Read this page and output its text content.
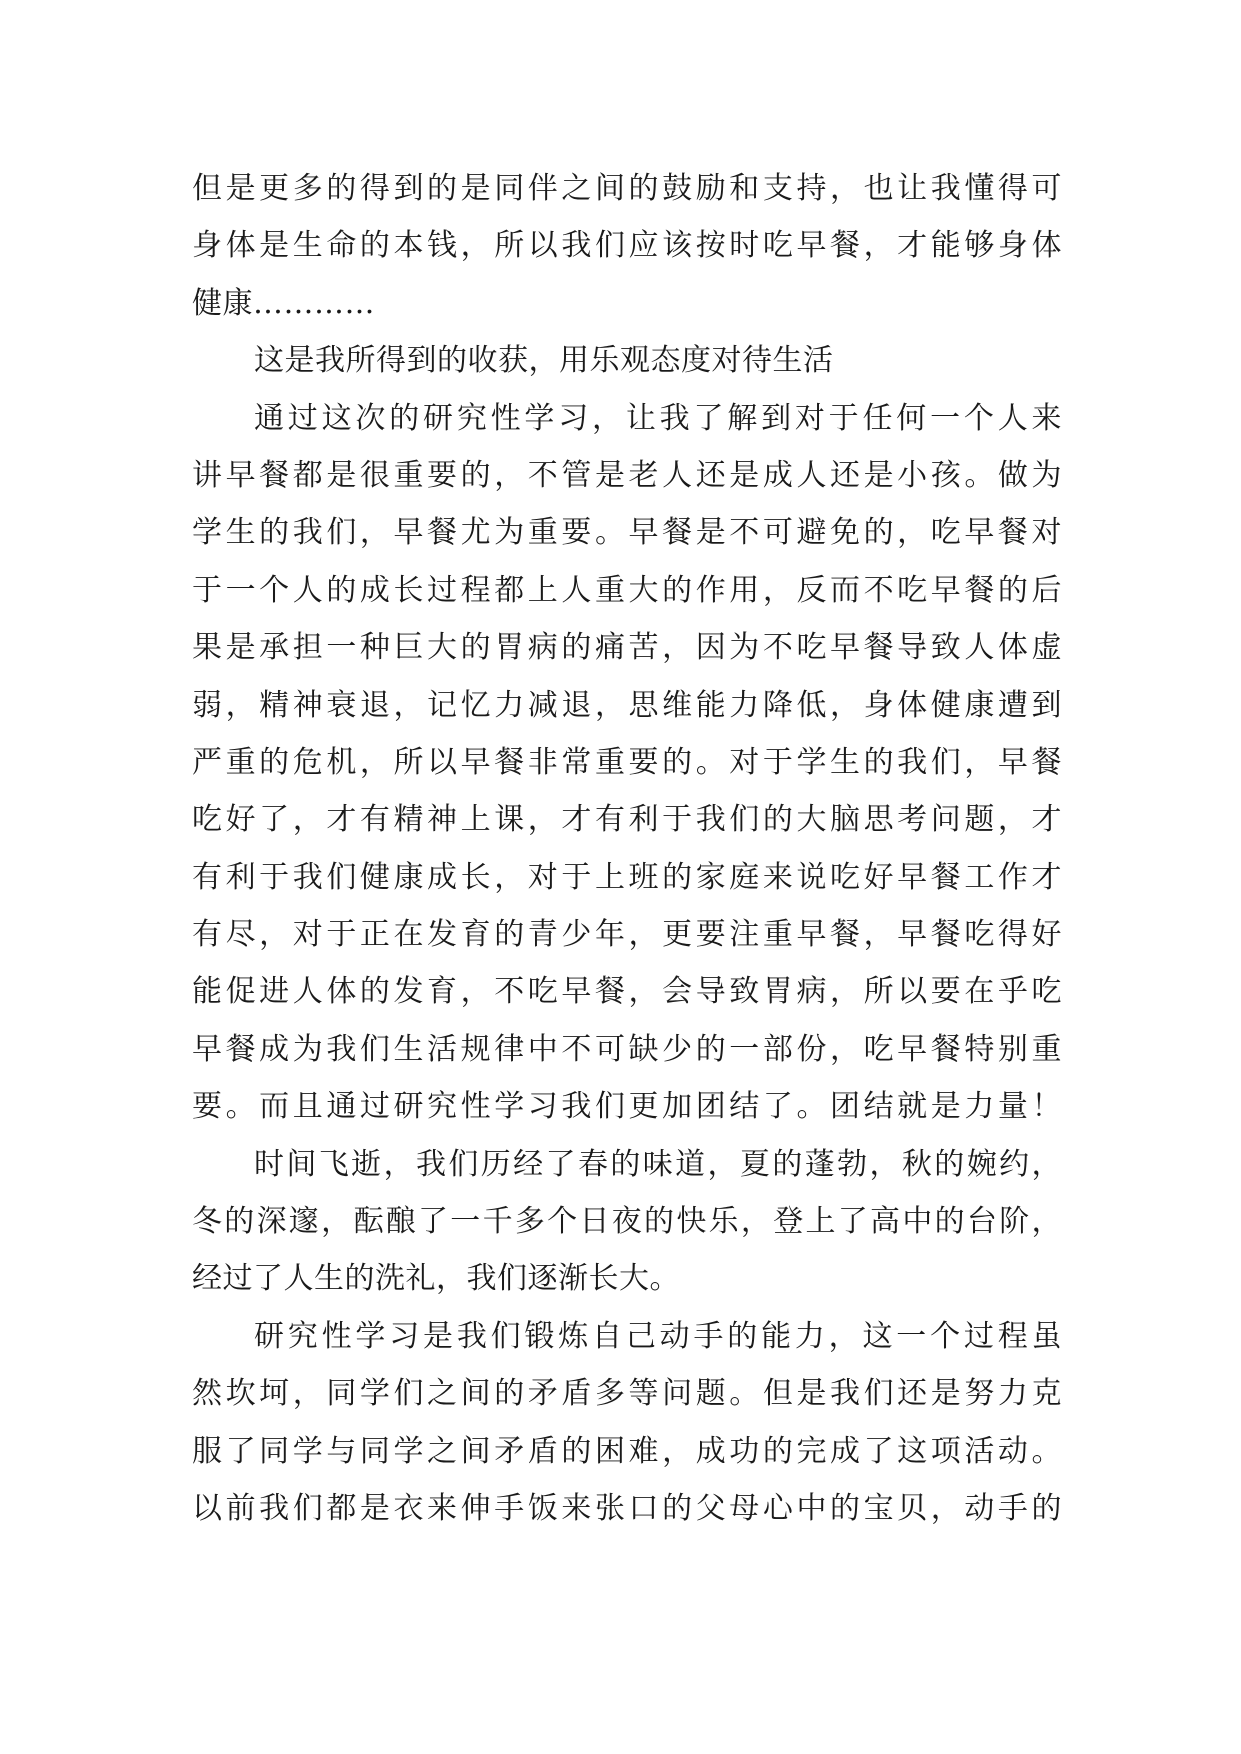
但是更多的得到的是同伴之间的鼓励和支持，也让我懂得可
身体是生命的本钱，所以我们应该按时吃早餐，才能够身体
健康…………
这是我所得到的收获，用乐观态度对待生活
通过这次的研究性学习，让我了解到对于任何一个人来
讲早餐都是很重要的，不管是老人还是成人还是小孩。做为
学生的我们，早餐尤为重要。早餐是不可避免的，吃早餐对
于一个人的成长过程都上人重大的作用，反而不吃早餐的后
果是承担一种巨大的胃病的痛苦，因为不吃早餐导致人体虚
弱，精神衰退，记忆力减退，思维能力降低，身体健康遭到
严重的危机，所以早餐非常重要的。对于学生的我们，早餐
吃好了，才有精神上课，才有利于我们的大脑思考问题，才
有利于我们健康成长，对于上班的家庭来说吃好早餐工作才
有尽，对于正在发育的青少年，更要注重早餐，早餐吃得好
能促进人体的发育，不吃早餐，会导致胃病，所以要在乎吃
早餐成为我们生活规律中不可缺少的一部份，吃早餐特别重
要。而且通过研究性学习我们更加团结了。团结就是力量！
时间飞逝，我们历经了春的味道，夏的蓬勃，秋的婉约，
冬的深邃，酝酿了一千多个日夜的快乐，登上了高中的台阶，
经过了人生的洗礼，我们逐渐长大。
研究性学习是我们锻炼自己动手的能力，这一个过程虽
然坎坷，同学们之间的矛盾多等问题。但是我们还是努力克
服了同学与同学之间矛盾的困难，成功的完成了这项活动。
以前我们都是衣来伸手饭来张口的父母心中的宝贝，动手的
